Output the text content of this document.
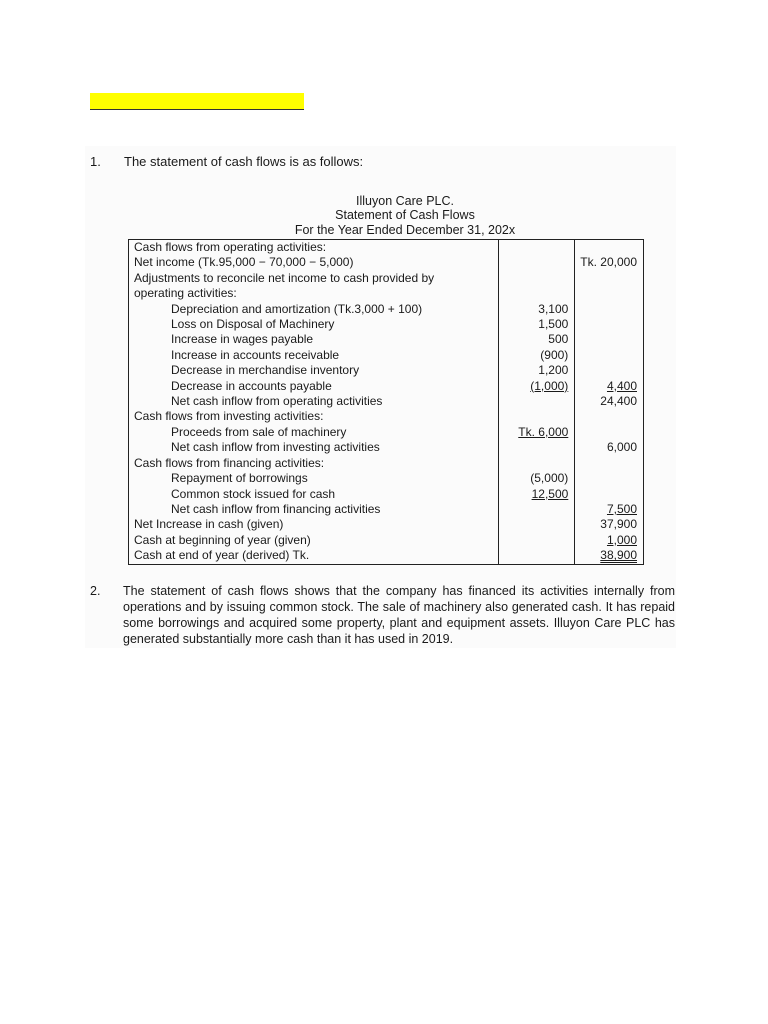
1. The statement of cash flows is as follows:
Illuyon Care PLC.
Statement of Cash Flows
For the Year Ended December 31, 202x
Cash flows from operating activities:		
Net income (Tk.95,000 − 70,000 − 5,000)		Tk. 20,000
Adjustments to reconcile net income to cash provided by		
operating activities:		
Depreciation and amortization (Tk.3,000 + 100)	3,100	
Loss on Disposal of Machinery	1,500	
Increase in wages payable	500	
Increase in accounts receivable	(900)	
Decrease in merchandise inventory	1,200	
Decrease in accounts payable	(1,000)	4,400
Net cash inflow from operating activities		24,400
Cash flows from investing activities:		
Proceeds from sale of machinery	Tk. 6,000	
Net cash inflow from investing activities		6,000
Cash flows from financing activities:		
Repayment of borrowings	(5,000)	
Common stock issued for cash	12,500	
Net cash inflow from financing activities		7,500
Net Increase in cash (given)		37,900
Cash at beginning of year (given)		1,000
Cash at end of year (derived) Tk.		38,900
2.	The statement of cash flows shows that the company has financed its activities internally from operations and by issuing common stock. The sale of machinery also generated cash. It has repaid some borrowings and acquired some property, plant and equipment assets. Illuyon Care PLC has generated substantially more cash than it has used in 2019.
